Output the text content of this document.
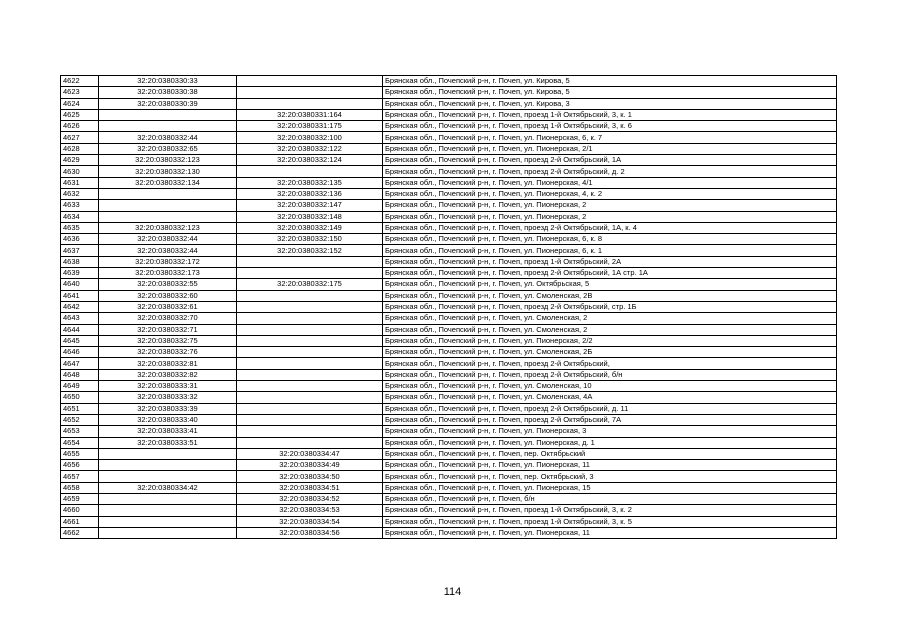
4622	32:20:0380330:33		Брянская обл., Почепский р-н, г. Почеп, ул. Кирова, 5
4623	32:20:0380330:38		Брянская обл., Почепский р-н, г. Почеп, ул. Кирова, 5
4624	32:20:0380330:39		Брянская обл., Почепский р-н, г. Почеп, ул. Кирова, 3
4625		32:20:0380331:164	Брянская обл., Почепский р-н, г. Почеп, проезд 1-й Октябрьский, 3, к. 1
4626		32:20:0380331:175	Брянская обл., Почепский р-н, г. Почеп, проезд 1-й Октябрьский, 3, к. 6
4627	32:20:0380332:44	32:20:0380332:100	Брянская обл., Почепский р-н, г. Почеп, ул. Пионерская, 6, к. 7
4628	32:20:0380332:65	32:20:0380332:122	Брянская обл., Почепский р-н, г. Почеп, ул. Пионерская, 2/1
4629	32:20:0380332:123	32:20:0380332:124	Брянская обл., Почепский р-н, г. Почеп, проезд 2-й Октябрьский, 1А
4630	32:20:0380332:130		Брянская обл., Почепский р-н, г. Почеп, проезд 2-й Октябрьский, д. 2
4631	32:20:0380332:134	32:20:0380332:135	Брянская обл., Почепский р-н, г. Почеп, ул. Пионерская, 4/1
4632		32:20:0380332:136	Брянская обл., Почепский р-н, г. Почеп, ул. Пионерская, 4, к. 2
4633		32:20:0380332:147	Брянская обл., Почепский р-н, г. Почеп, ул. Пионерская, 2
4634		32:20:0380332:148	Брянская обл., Почепский р-н, г. Почеп, ул. Пионерская, 2
4635	32:20:0380332:123	32:20:0380332:149	Брянская обл., Почепский р-н, г. Почеп, проезд 2-й Октябрьский, 1А, к. 4
4636	32:20:0380332:44	32:20:0380332:150	Брянская обл., Почепский р-н, г. Почеп, ул. Пионерская, 6, к. 8
4637	32:20:0380332:44	32:20:0380332:152	Брянская обл., Почепский р-н, г. Почеп, ул. Пионерская, 6, к. 1
4638	32:20:0380332:172		Брянская обл., Почепский р-н, г. Почеп, проезд 1-й Октябрьский, 2А
4639	32:20:0380332:173		Брянская обл., Почепский р-н, г. Почеп, проезд 2-й Октябрьский, 1А стр. 1А
4640	32:20:0380332:55	32:20:0380332:175	Брянская обл., Почепский р-н, г. Почеп, ул. Октябрьская, 5
4641	32:20:0380332:60		Брянская обл., Почепский р-н, г. Почеп, ул. Смоленская, 2В
4642	32:20:0380332:61		Брянская обл., Почепский р-н, г. Почеп, проезд 2-й Октябрьский, стр. 1Б
4643	32:20:0380332:70		Брянская обл., Почепский р-н, г. Почеп, ул. Смоленская, 2
4644	32:20:0380332:71		Брянская обл., Почепский р-н, г. Почеп, ул. Смоленская, 2
4645	32:20:0380332:75		Брянская обл., Почепский р-н, г. Почеп, ул. Пионерская, 2/2
4646	32:20:0380332:76		Брянская обл., Почепский р-н, г. Почеп, ул. Смоленская, 2Б
4647	32:20:0380332:81		Брянская обл., Почепский р-н, г. Почеп, проезд 2-й Октябрьский,
4648	32:20:0380332:82		Брянская обл., Почепский р-н, г. Почеп, проезд 2-й Октябрьский, б/н
4649	32:20:0380333:31		Брянская обл., Почепский р-н, г. Почеп, ул. Смоленская, 10
4650	32:20:0380333:32		Брянская обл., Почепский р-н, г. Почеп, ул. Смоленская, 4А
4651	32:20:0380333:39		Брянская обл., Почепский р-н, г. Почеп, проезд 2-й Октябрьский, д. 11
4652	32:20:0380333:40		Брянская обл., Почепский р-н, г. Почеп, проезд 2-й Октябрьский, 7А
4653	32:20:0380333:41		Брянская обл., Почепский р-н, г. Почеп, ул. Пионерская, 3
4654	32:20:0380333:51		Брянская обл., Почепский р-н, г. Почеп, ул. Пионерская, д. 1
4655		32:20:0380334:47	Брянская обл., Почепский р-н, г. Почеп, пер. Октябрьский
4656		32:20:0380334:49	Брянская обл., Почепский р-н, г. Почеп, ул. Пионерская, 11
4657		32:20:0380334:50	Брянская обл., Почепский р-н, г. Почеп, пер. Октябрьский, 3
4658	32:20:0380334:42	32:20:0380334:51	Брянская обл., Почепский р-н, г. Почеп, ул. Пионерская, 15
4659		32:20:0380334:52	Брянская обл., Почепский р-н, г. Почеп, б/н
4660		32:20:0380334:53	Брянская обл., Почепский р-н, г. Почеп, проезд 1-й Октябрьский, 3, к. 2
4661		32:20:0380334:54	Брянская обл., Почепский р-н, г. Почеп, проезд 1-й Октябрьский, 3, к. 5
4662		32:20:0380334:56	Брянская обл., Почепский р-н, г. Почеп, ул. Пионерская, 11
114
